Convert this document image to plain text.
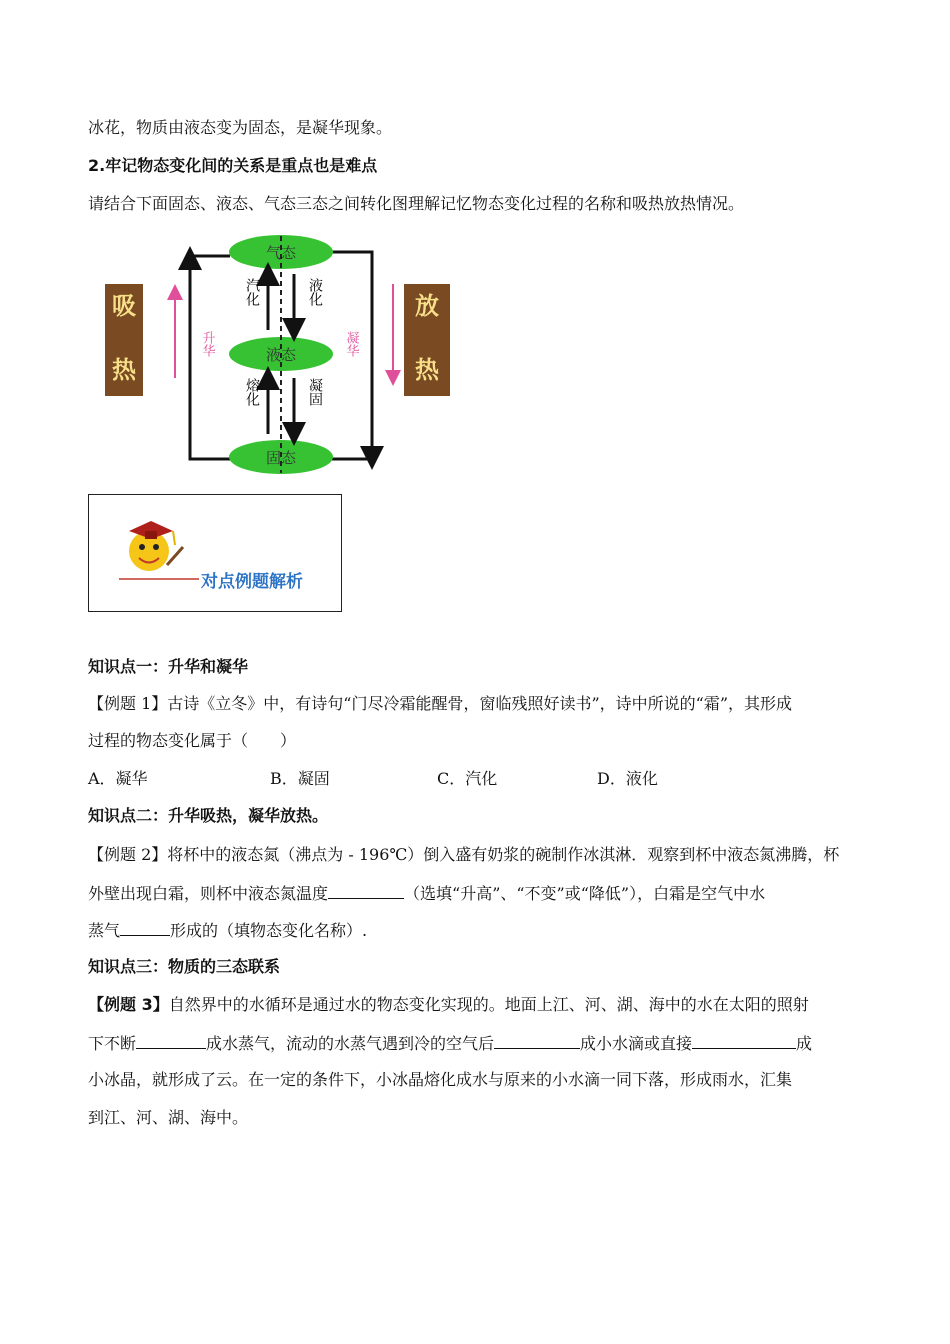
冰花，物质由液态变为固态，是凝华现象。
2.牢记物态变化间的关系是重点也是难点
请结合下面固态、液态、气态三态之间转化图理解记忆物态变化过程的名称和吸热放热情况。
吸
热
放
热
升华	凝华
气态
液态
固态
汽化	液化
熔化	凝固
对点例题解析
知识点一：升华和凝华
【例题 1】古诗《立冬》中，有诗句“门尽冷霜能醒骨，窗临残照好读书”，诗中所说的“霜”，其形成
过程的物态变化属于（　　）
A．凝华	B．凝固	C．汽化	D．液化
知识点二：升华吸热，凝华放热。
【例题 2】将杯中的液态氮（沸点为 - 196℃）倒入盛有奶浆的碗制作冰淇淋．观察到杯中液态氮沸腾，杯
外壁出现白霜，则杯中液态氮温度	（选填“升高”、“不变”或“降低”），白霜是空气中水
蒸气	形成的（填物态变化名称）.
知识点三：物质的三态联系
【例题 3】自然界中的水循环是通过水的物态变化实现的。地面上江、河、湖、海中的水在太阳的照射
下不断	成水蒸气，流动的水蒸气遇到冷的空气后	成小水滴或直接	成
小冰晶，就形成了云。在一定的条件下，小冰晶熔化成水与原来的小水滴一同下落，形成雨水，汇集
到江、河、湖、海中。
